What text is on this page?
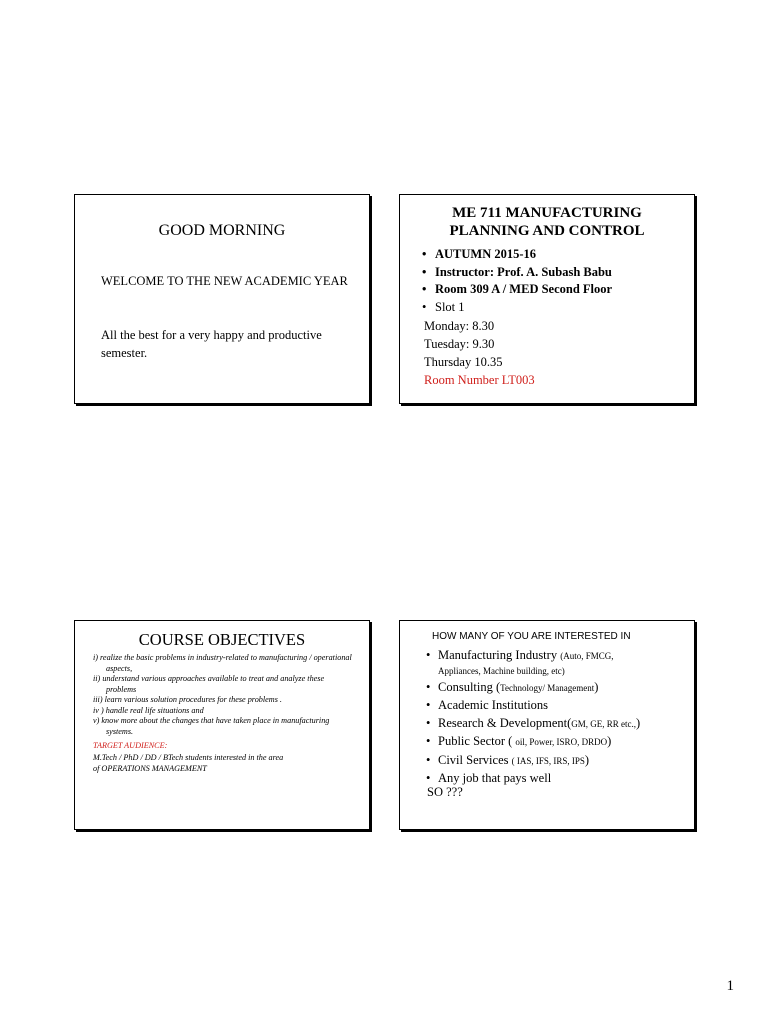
GOOD MORNING

WELCOME TO THE NEW ACADEMIC YEAR

All the best for a very happy and productive semester.

ME 711 MANUFACTURING
PLANNING AND CONTROL
• AUTUMN 2015-16
• Instructor: Prof. A. Subash Babu
• Room 309 A / MED Second Floor
• Slot 1
Monday: 8.30
Tuesday: 9.30
Thursday 10.35
Room Number LT003
COURSE OBJECTIVES

i) realize the basic problems in industry-related to manufacturing / operational aspects,

ii) understand various approaches available to treat and analyze these problems

iii) learn various solution procedures for these problems .

iv ) handle real life situations and

v) know more about the changes that have taken place in manufacturing systems.

TARGET AUDIENCE:

M.Tech / PhD / DD / BTech students interested in the area

of OPERATIONS MANAGEMENT

HOW MANY OF YOU ARE INTERESTED IN
• Manufacturing Industry (Auto, FMCG,
Appliances, Machine building, etc)
• Consulting (Technology/ Management)
• Academic Institutions
• Research & Development(GM, GE, RR etc.,)
• Public Sector ( oil, Power, ISRO, DRDO)
• Civil Services ( IAS, IFS, IRS, IPS)
• Any job that pays well
SO ???
1
